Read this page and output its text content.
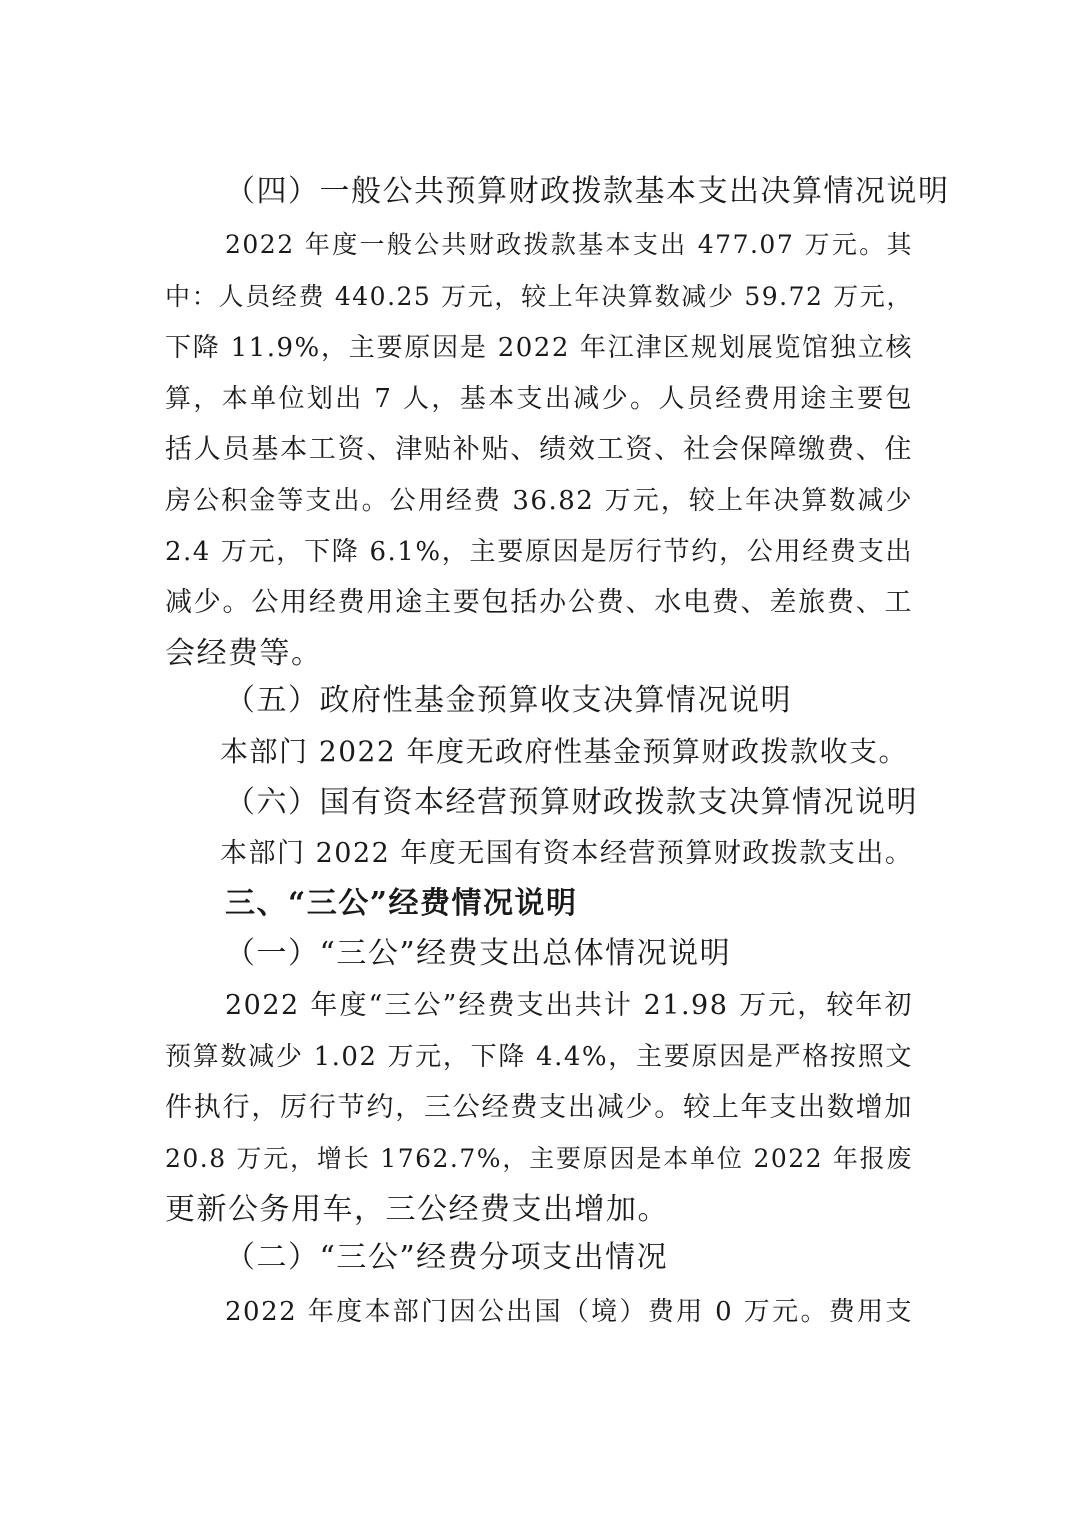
（四）一般公共预算财政拨款基本支出决算情况说明
2022 年度一般公共财政拨款基本支出 477.07 万元。其
中：人员经费 440.25 万元，较上年决算数减少 59.72 万元，
下降 11.9%，主要原因是 2022 年江津区规划展览馆独立核
算，本单位划出 7 人，基本支出减少。人员经费用途主要包
括人员基本工资、津贴补贴、绩效工资、社会保障缴费、住
房公积金等支出。公用经费 36.82 万元，较上年决算数减少
2.4 万元，下降 6.1%，主要原因是厉行节约，公用经费支出
减少。公用经费用途主要包括办公费、水电费、差旅费、工
会经费等。
（五）政府性基金预算收支决算情况说明
本部门 2022 年度无政府性基金预算财政拨款收支。
（六）国有资本经营预算财政拨款支决算情况说明
本部门 2022 年度无国有资本经营预算财政拨款支出。
三、“三公”经费情况说明
（一）“三公”经费支出总体情况说明
2022 年度“三公”经费支出共计 21.98 万元，较年初
预算数减少 1.02 万元，下降 4.4%，主要原因是严格按照文
件执行，厉行节约，三公经费支出减少。较上年支出数增加
20.8 万元，增长 1762.7%，主要原因是本单位 2022 年报废
更新公务用车，三公经费支出增加。
（二）“三公”经费分项支出情况
2022 年度本部门因公出国（境）费用 0 万元。费用支
